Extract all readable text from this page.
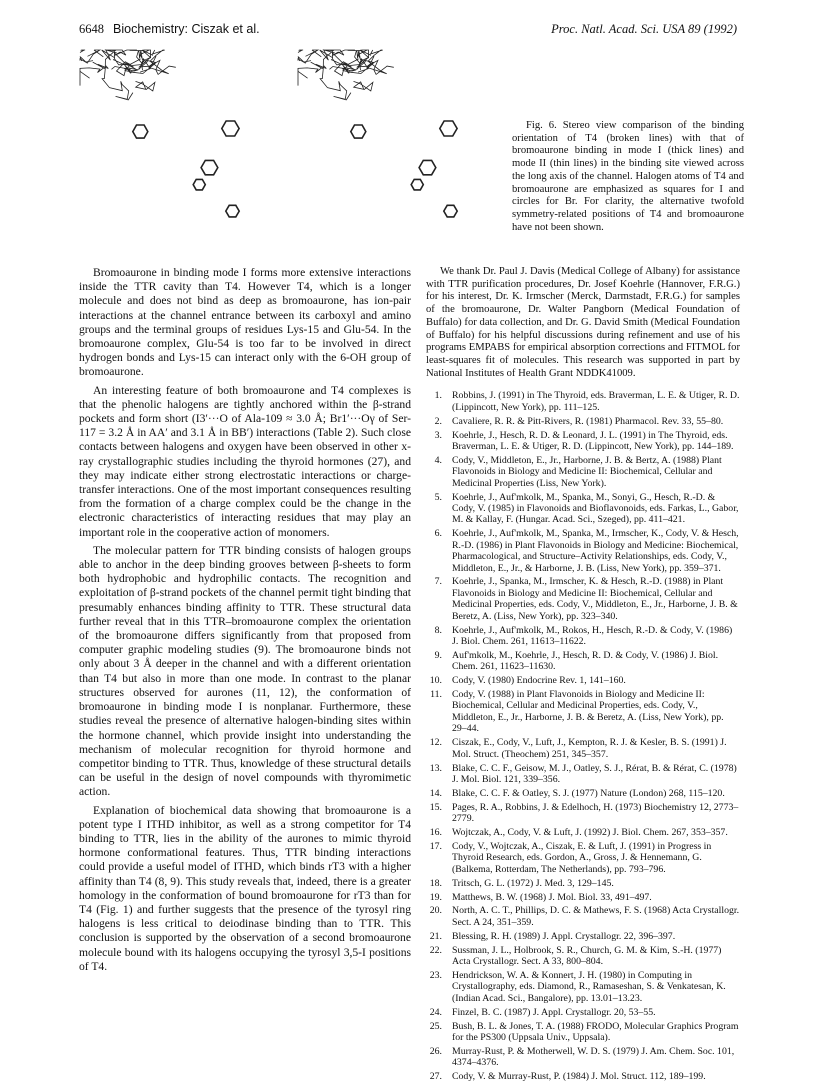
6648 Biochemistry: Ciszak et al.	Proc. Natl. Acad. Sci. USA 89 (1992)
Fig. 6. Stereo view comparison of the binding orientation of T4 (broken lines) with that of bromoaurone binding in mode I (thick lines) and mode II (thin lines) in the binding site viewed across the long axis of the channel. Halogen atoms of T4 and bromoaurone are emphasized as squares for I and circles for Br. For clarity, the alternative twofold symmetry-related positions of T4 and bromoaurone have not been shown.

Bromoaurone in binding mode I forms more extensive interactions inside the TTR cavity than T4. However T4, which is a longer molecule and does not bind as deep as bromoaurone, has ion-pair interactions at the channel entrance between its carboxyl and amino groups and the terminal groups of residues Lys-15 and Glu-54. In the bromoaurone complex, Glu-54 is too far to be involved in direct hydrogen bonds and Lys-15 can interact only with the 6-OH group of bromoaurone.

An interesting feature of both bromoaurone and T4 complexes is that the phenolic halogens are tightly anchored within the β-strand pockets and form short (I3′···O of Ala-109 ≈ 3.0 Å; Br1′···Oγ of Ser-117 = 3.2 Å in AA′ and 3.1 Å in BB′) interactions (Table 2). Such close contacts between halogens and oxygen have been observed in other x-ray crystallographic studies including the thyroid hormones (27), and they may indicate either strong electrostatic interactions or charge-transfer interactions. One of the most important consequences resulting from the formation of a charge complex could be the change in the electronic characteristics of interacting residues that may play an important role in the cooperative action of monomers.

The molecular pattern for TTR binding consists of halogen groups able to anchor in the deep binding grooves between β-sheets to form both hydrophobic and hydrophilic contacts. The recognition and exploitation of β-strand pockets of the channel permit tight binding that presumably enhances binding affinity to TTR. These structural data further reveal that in this TTR–bromoaurone complex the orientation of the bromoaurone differs significantly from that proposed from computer graphic modeling studies (9). The bromoaurone binds not only about 3 Å deeper in the channel and with a different orientation than T4 but also in more than one mode. In contrast to the planar structures observed for aurones (11, 12), the conformation of bromoaurone in binding mode I is nonplanar. Furthermore, these studies reveal the presence of alternative halogen-binding sites within the hormone channel, which provide insight into understanding the mechanism of molecular recognition for thyroid hormone and competitor binding to TTR. Thus, knowledge of these structural details can be useful in the design of novel compounds with thyromimetic action.

Explanation of biochemical data showing that bromoaurone is a potent type I ITHD inhibitor, as well as a strong competitor for T4 binding to TTR, lies in the ability of the aurones to mimic thyroid hormone conformational features. Thus, TTR binding interactions could provide a useful model of ITHD, which binds rT3 with a higher affinity than T4 (8, 9). This study reveals that, indeed, there is a greater homology in the conformation of bound bromoaurone for rT3 than for T4 (Fig. 1) and further suggests that the presence of the tyrosyl ring halogens is less critical to deiodinase binding than to TTR. This conclusion is supported by the observation of a second bromoaurone molecule bound with its halogens occupying the tyrosyl 3,5-I positions of T4.

We thank Dr. Paul J. Davis (Medical College of Albany) for assistance with TTR purification procedures, Dr. Josef Koehrle (Hannover, F.R.G.) for his interest, Dr. K. Irmscher (Merck, Darmstadt, F.R.G.) for samples of the bromoaurone, Dr. Walter Pangborn (Medical Foundation of Buffalo) for data collection, and Dr. G. David Smith (Medical Foundation of Buffalo) for his helpful discussions during refinement and use of his programs EMPABS for empirical absorption corrections and FITMOL for least-squares fit of molecules. This research was supported in part by National Institutes of Health Grant NDDK41009.

1. Robbins, J. (1991) in The Thyroid, eds. Braverman, L. E. & Utiger, R. D. (Lippincott, New York), pp. 111–125.
2. Cavaliere, R. R. & Pitt-Rivers, R. (1981) Pharmacol. Rev. 33, 55–80.
3. Koehrle, J., Hesch, R. D. & Leonard, J. L. (1991) in The Thyroid, eds. Braverman, L. E. & Utiger, R. D. (Lippincott, New York), pp. 144–189.
4. Cody, V., Middleton, E., Jr., Harborne, J. B. & Bertz, A. (1988) Plant Flavonoids in Biology and Medicine II: Biochemical, Cellular and Medicinal Properties (Liss, New York).
5. Koehrle, J., Auf'mkolk, M., Spanka, M., Sonyi, G., Hesch, R.-D. & Cody, V. (1985) in Flavonoids and Bioflavonoids, eds. Farkas, L., Gabor, M. & Kallay, F. (Hungar. Acad. Sci., Szeged), pp. 411–421.
6. Koehrle, J., Auf'mkolk, M., Spanka, M., Irmscher, K., Cody, V. & Hesch, R.-D. (1986) in Plant Flavonoids in Biology and Medicine: Biochemical, Pharmacological, and Structure–Activity Relationships, eds. Cody, V., Middleton, E., Jr., & Harborne, J. B. (Liss, New York), pp. 359–371.
7. Koehrle, J., Spanka, M., Irmscher, K. & Hesch, R.-D. (1988) in Plant Flavonoids in Biology and Medicine II: Biochemical, Cellular and Medicinal Properties, eds. Cody, V., Middleton, E., Jr., Harborne, J. B. & Beretz, A. (Liss, New York), pp. 323–340.
8. Koehrle, J., Auf'mkolk, M., Rokos, H., Hesch, R.-D. & Cody, V. (1986) J. Biol. Chem. 261, 11613–11622.
9. Auf'mkolk, M., Koehrle, J., Hesch, R. D. & Cody, V. (1986) J. Biol. Chem. 261, 11623–11630.
10. Cody, V. (1980) Endocrine Rev. 1, 141–160.
11. Cody, V. (1988) in Plant Flavonoids in Biology and Medicine II: Biochemical, Cellular and Medicinal Properties, eds. Cody, V., Middleton, E., Jr., Harborne, J. B. & Beretz, A. (Liss, New York), pp. 29–44.
12. Ciszak, E., Cody, V., Luft, J., Kempton, R. J. & Kesler, B. S. (1991) J. Mol. Struct. (Theochem) 251, 345–357.
13. Blake, C. C. F., Geisow, M. J., Oatley, S. J., Rérat, B. & Rérat, C. (1978) J. Mol. Biol. 121, 339–356.
14. Blake, C. C. F. & Oatley, S. J. (1977) Nature (London) 268, 115–120.
15. Pages, R. A., Robbins, J. & Edelhoch, H. (1973) Biochemistry 12, 2773–2779.
16. Wojtczak, A., Cody, V. & Luft, J. (1992) J. Biol. Chem. 267, 353–357.
17. Cody, V., Wojtczak, A., Ciszak, E. & Luft, J. (1991) in Progress in Thyroid Research, eds. Gordon, A., Gross, J. & Hennemann, G. (Balkema, Rotterdam, The Netherlands), pp. 793–796.
18. Tritsch, G. L. (1972) J. Med. 3, 129–145.
19. Matthews, B. W. (1968) J. Mol. Biol. 33, 491–497.
20. North, A. C. T., Phillips, D. C. & Mathews, F. S. (1968) Acta Crystallogr. Sect. A 24, 351–359.
21. Blessing, R. H. (1989) J. Appl. Crystallogr. 22, 396–397.
22. Sussman, J. L., Holbrook, S. R., Church, G. M. & Kim, S.-H. (1977) Acta Crystallogr. Sect. A 33, 800–804.
23. Hendrickson, W. A. & Konnert, J. H. (1980) in Computing in Crystallography, eds. Diamond, R., Ramaseshan, S. & Venkatesan, K. (Indian Acad. Sci., Bangalore), pp. 13.01–13.23.
24. Finzel, B. C. (1987) J. Appl. Crystallogr. 20, 53–55.
25. Bush, B. L. & Jones, T. A. (1988) FRODO, Molecular Graphics Program for the PS300 (Uppsala Univ., Uppsala).
26. Murray-Rust, P. & Motherwell, W. D. S. (1979) J. Am. Chem. Soc. 101, 4374–4376.
27. Cody, V. & Murray-Rust, P. (1984) J. Mol. Struct. 112, 189–199.
